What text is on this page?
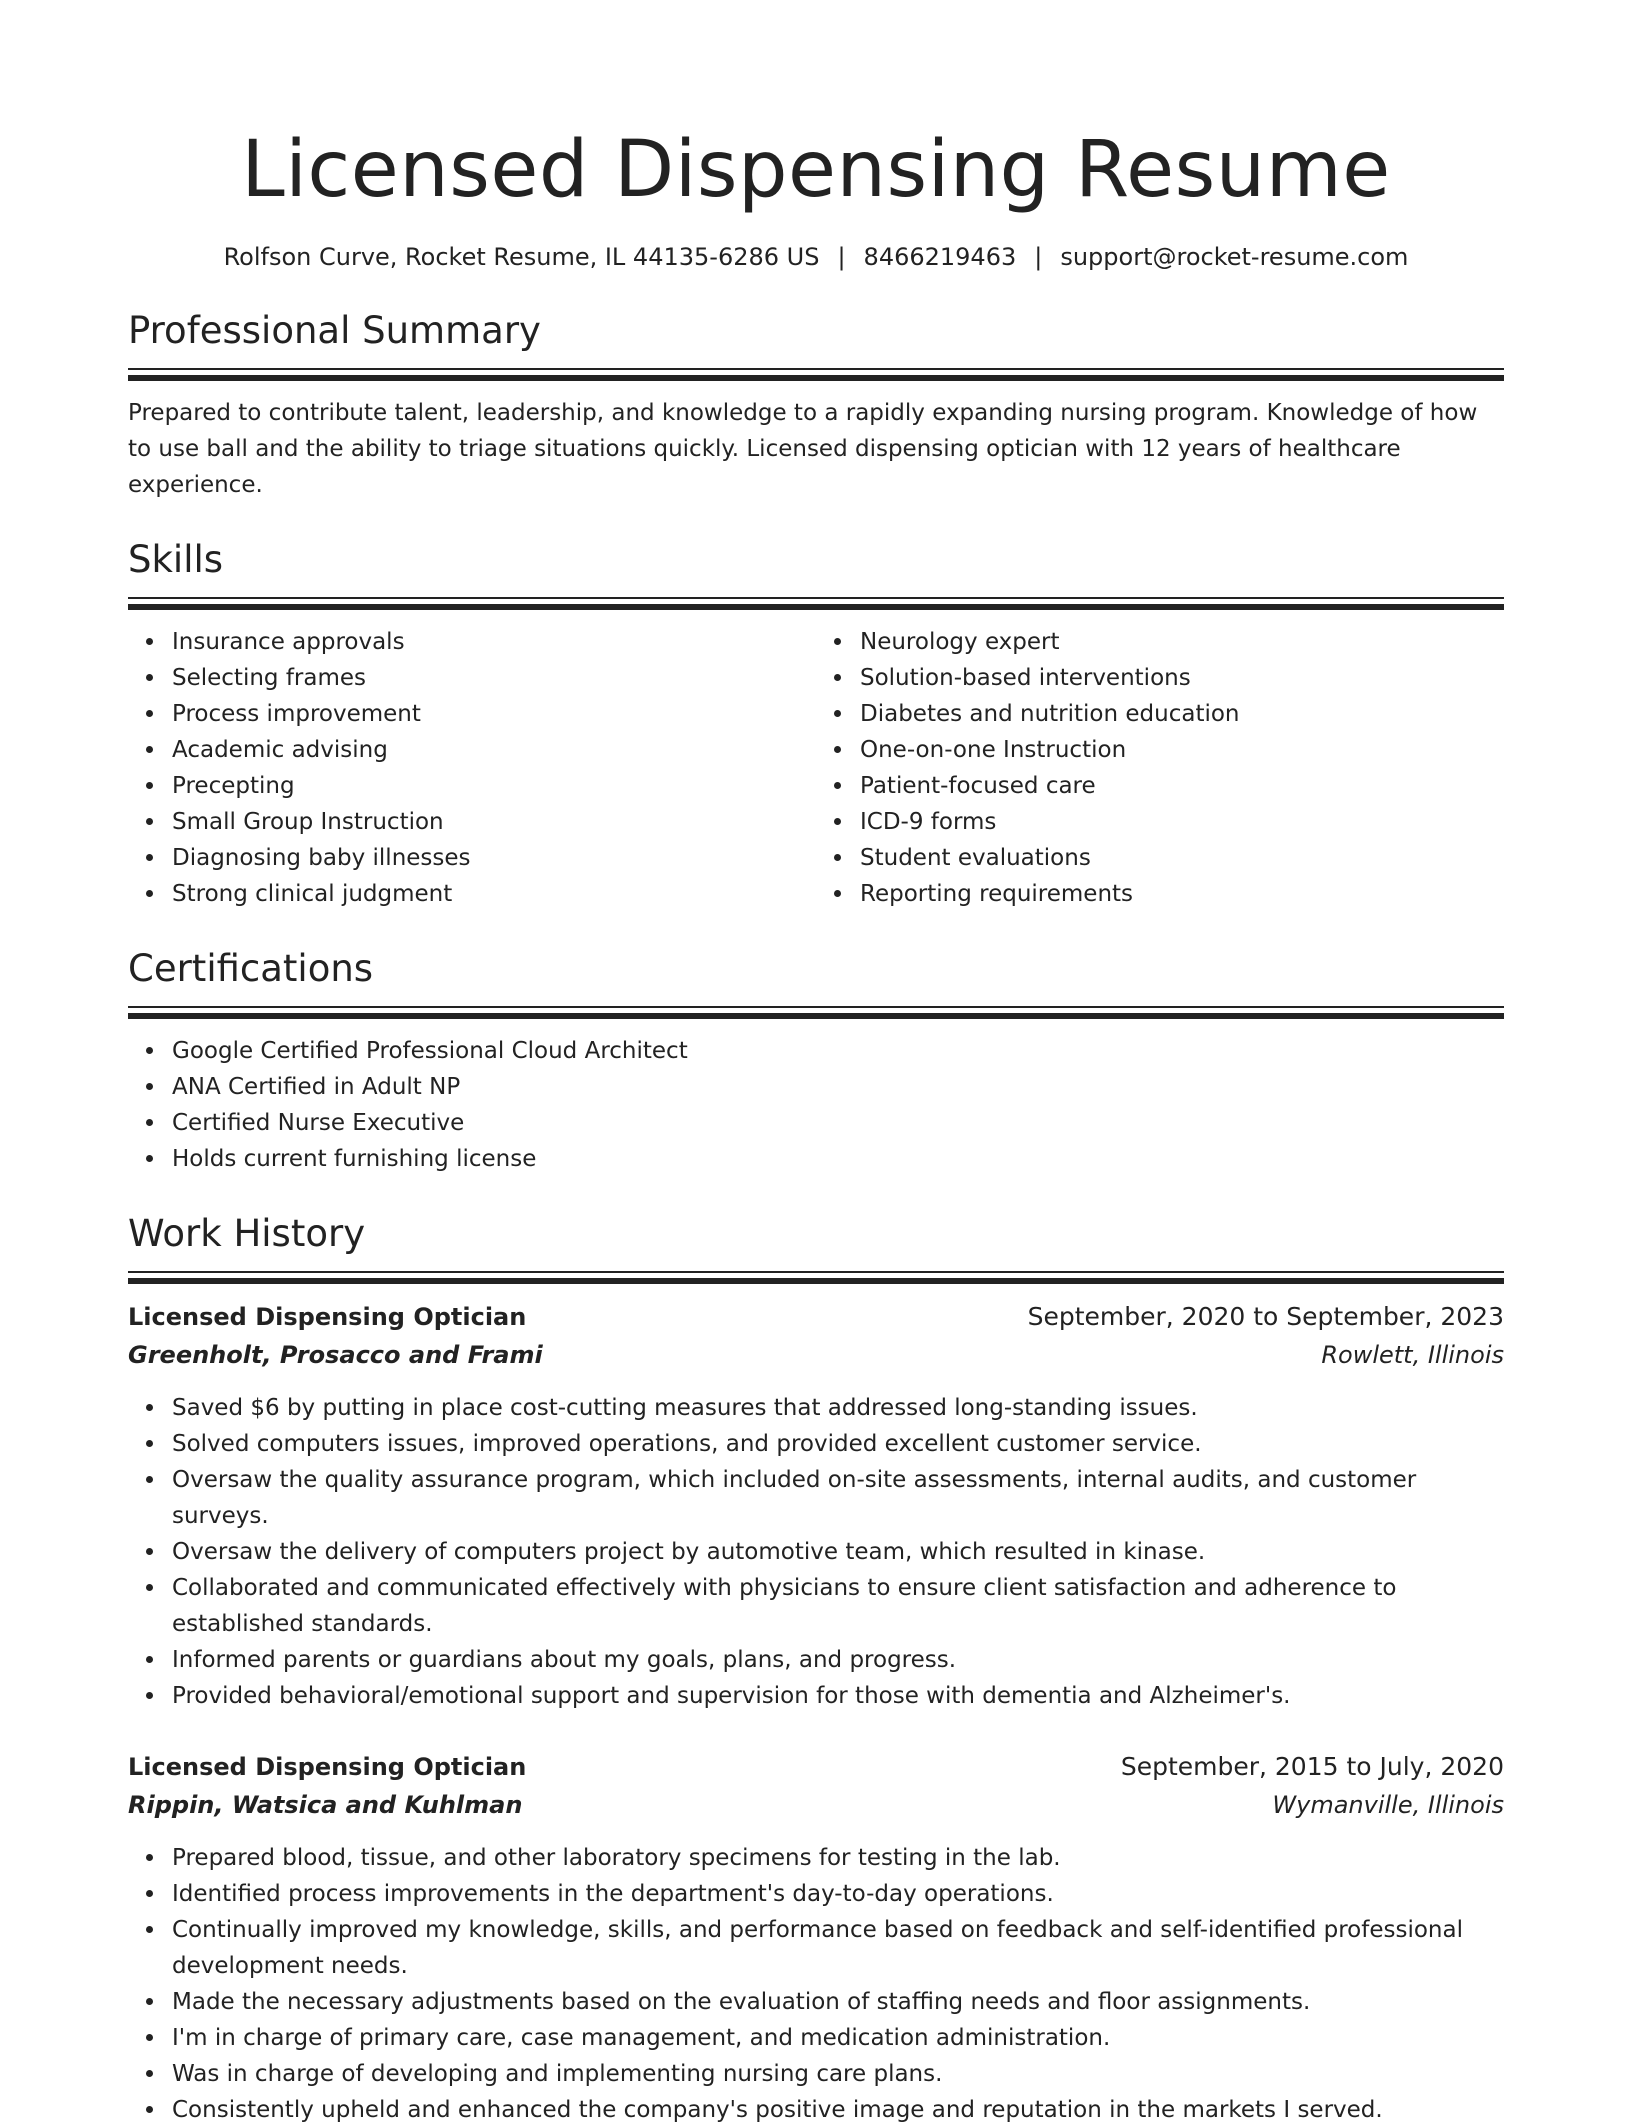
Licensed Dispensing Resume
Rolfson Curve, Rocket Resume, IL 44135-6286 US | 8466219463 | support@rocket-resume.com
Professional Summary
Prepared to contribute talent, leadership, and knowledge to a rapidly expanding nursing program. Knowledge of how to use ball and the ability to triage situations quickly. Licensed dispensing optician with 12 years of healthcare experience.
Skills
Insurance approvals
Selecting frames
Process improvement
Academic advising
Precepting
Small Group Instruction
Diagnosing baby illnesses
Strong clinical judgment
Neurology expert
Solution-based interventions
Diabetes and nutrition education
One-on-one Instruction
Patient-focused care
ICD-9 forms
Student evaluations
Reporting requirements
Certifications
Google Certified Professional Cloud Architect
ANA Certified in Adult NP
Certified Nurse Executive
Holds current furnishing license
Work History
Licensed Dispensing Optician	September, 2020 to September, 2023
Greenholt, Prosacco and Frami	Rowlett, Illinois
Saved $6 by putting in place cost-cutting measures that addressed long-standing issues.
Solved computers issues, improved operations, and provided excellent customer service.
Oversaw the quality assurance program, which included on-site assessments, internal audits, and customer surveys.
Oversaw the delivery of computers project by automotive team, which resulted in kinase.
Collaborated and communicated effectively with physicians to ensure client satisfaction and adherence to established standards.
Informed parents or guardians about my goals, plans, and progress.
Provided behavioral/emotional support and supervision for those with dementia and Alzheimer's.
Licensed Dispensing Optician	September, 2015 to July, 2020
Rippin, Watsica and Kuhlman	Wymanville, Illinois
Prepared blood, tissue, and other laboratory specimens for testing in the lab.
Identified process improvements in the department's day-to-day operations.
Continually improved my knowledge, skills, and performance based on feedback and self-identified professional development needs.
Made the necessary adjustments based on the evaluation of staffing needs and floor assignments.
I'm in charge of primary care, case management, and medication administration.
Was in charge of developing and implementing nursing care plans.
Consistently upheld and enhanced the company's positive image and reputation in the markets I served.
